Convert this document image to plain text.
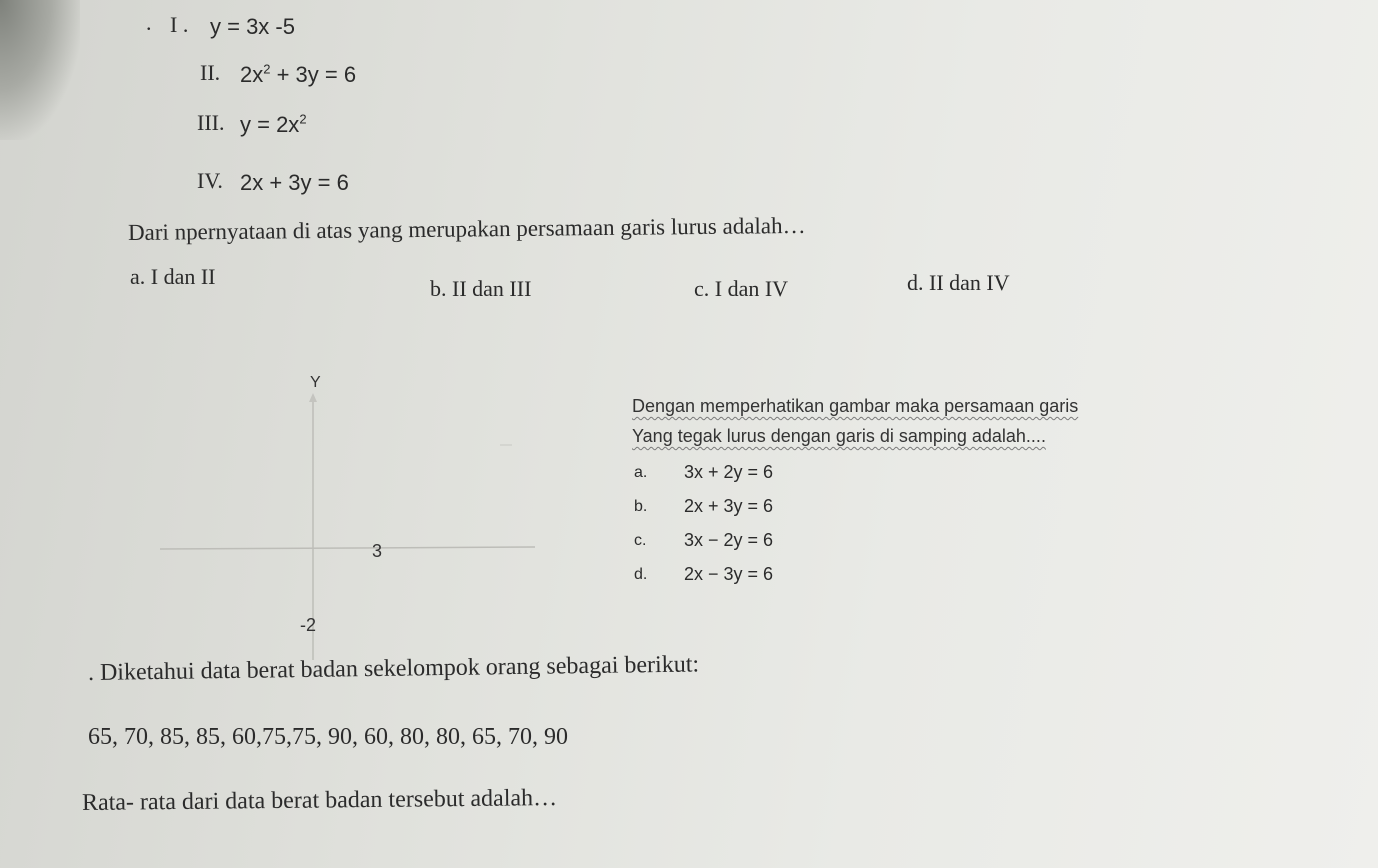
. I . y = 3x -5
II. $2x^2 + 3y = 6$
III. $y = 2x^2$
IV. 2x + 3y = 6
Dari npernyataan di atas yang merupakan persamaan garis lurus adalah…
a. I dan II	b. II dan III	c. I dan IV	d. II dan IV
Y
3
-2
Dengan memperhatikan gambar maka persamaan garis
Yang tegak lurus dengan garis di samping adalah....
a. 3x + 2y = 6
b. 2x + 3y = 6
c. 3x − 2y = 6
d. 2x − 3y = 6
. Diketahui data berat badan sekelompok orang sebagai berikut:
65, 70, 85, 85, 60,75,75, 90, 60, 80, 80, 65, 70, 90
Rata- rata dari data berat badan tersebut adalah…
